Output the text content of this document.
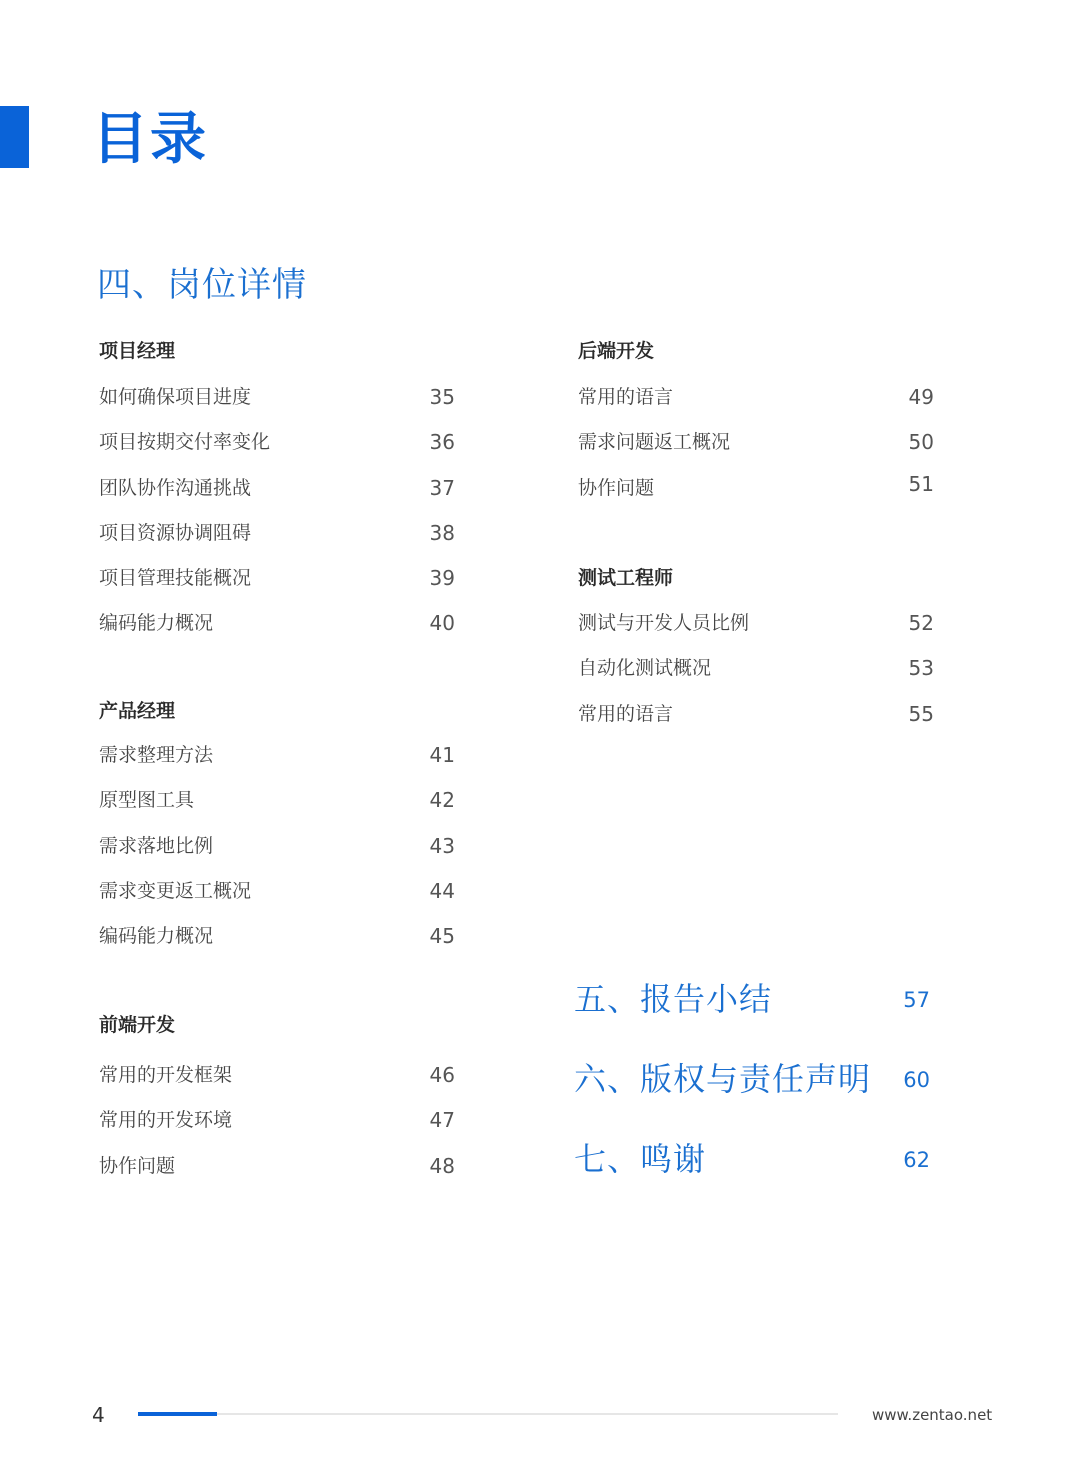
目录
四、岗位详情
项目经理
如何确保项目进度	35
项目按期交付率变化	36
团队协作沟通挑战	37
项目资源协调阻碍	38
项目管理技能概况	39
编码能力概况	40
产品经理
需求整理方法	41
原型图工具	42
需求落地比例	43
需求变更返工概况	44
编码能力概况	45
前端开发
常用的开发框架	46
常用的开发环境	47
协作问题	48
后端开发
常用的语言	49
需求问题返工概况	50
协作问题	51
测试工程师
测试与开发人员比例	52
自动化测试概况	53
常用的语言	55
五、报告小结	57
六、版权与责任声明 60
七、鸣谢	62
4	www.zentao.net
